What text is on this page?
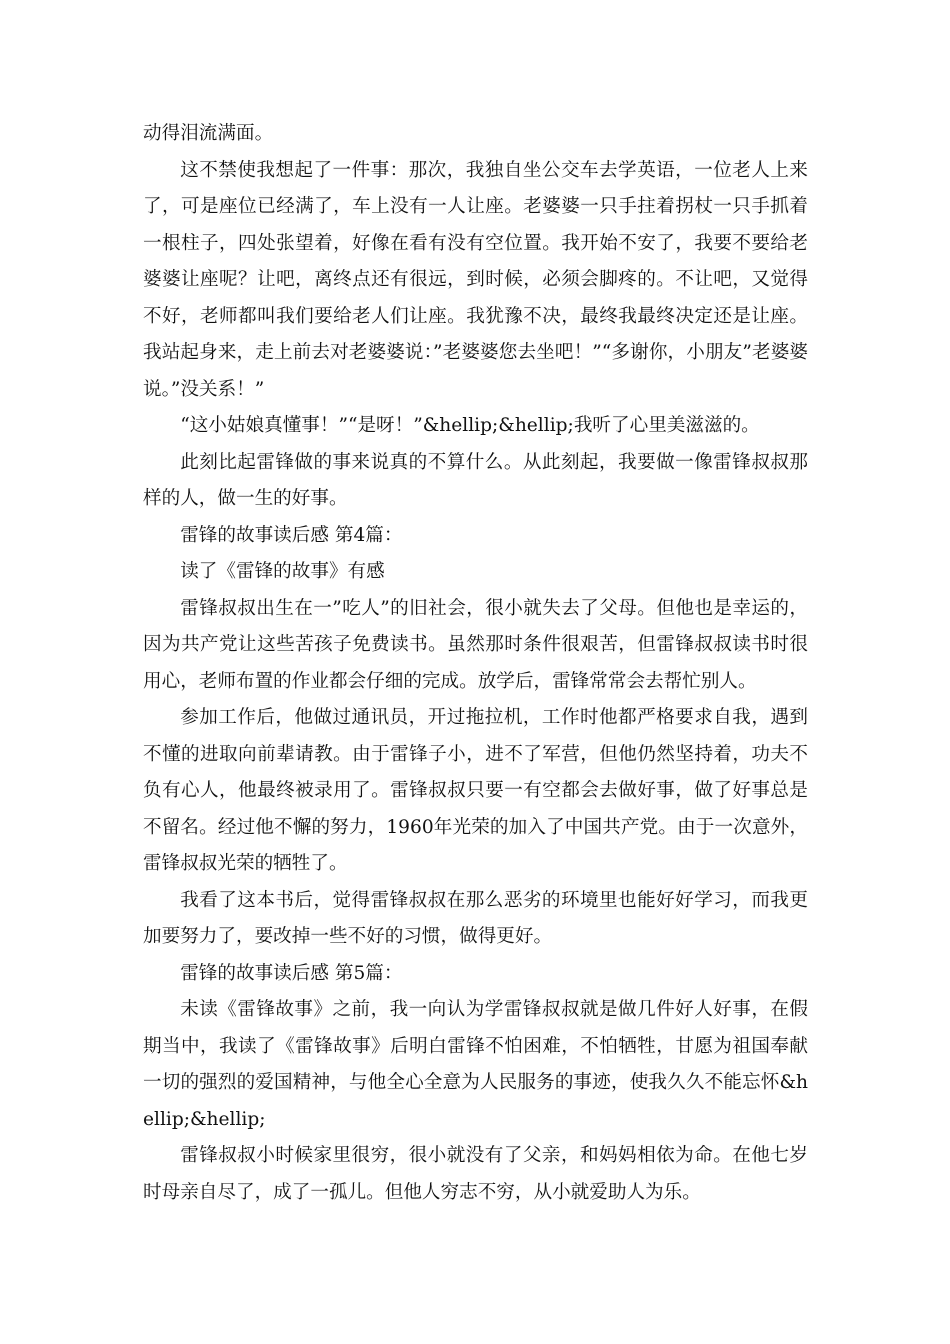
动得泪流满面。

这不禁使我想起了一件事：那次，我独自坐公交车去学英语，一位老人上来了，可是座位已经满了，车上没有一人让座。老婆婆一只手拄着拐杖一只手抓着一根柱子，四处张望着，好像在看有没有空位置。我开始不安了，我要不要给老婆婆让座呢？让吧，离终点还有很远，到时候，必须会脚疼的。不让吧，又觉得不好，老师都叫我们要给老人们让座。我犹豫不决，最终我最终决定还是让座。我站起身来，走上前去对老婆婆说：”老婆婆您去坐吧！”“多谢你，小朋友”老婆婆说。”没关系！”

“这小姑娘真懂事！”“是呀！”&hellip;&hellip;我听了心里美滋滋的。

此刻比起雷锋做的事来说真的不算什么。从此刻起，我要做一像雷锋叔叔那样的人，做一生的好事。

雷锋的故事读后感 第4篇：

读了《雷锋的故事》有感

雷锋叔叔出生在一”吃人”的旧社会，很小就失去了父母。但他也是幸运的，因为共产党让这些苦孩子免费读书。虽然那时条件很艰苦，但雷锋叔叔读书时很用心，老师布置的作业都会仔细的完成。放学后，雷锋常常会去帮忙别人。

参加工作后，他做过通讯员，开过拖拉机，工作时他都严格要求自我，遇到不懂的进取向前辈请教。由于雷锋子小，进不了军营，但他仍然坚持着，功夫不负有心人，他最终被录用了。雷锋叔叔只要一有空都会去做好事，做了好事总是不留名。经过他不懈的努力，1960年光荣的加入了中国共产党。由于一次意外，雷锋叔叔光荣的牺牲了。

我看了这本书后，觉得雷锋叔叔在那么恶劣的环境里也能好好学习，而我更加要努力了，要改掉一些不好的习惯，做得更好。

雷锋的故事读后感 第5篇：

未读《雷锋故事》之前，我一向认为学雷锋叔叔就是做几件好人好事，在假期当中，我读了《雷锋故事》后明白雷锋不怕困难，不怕牺牲，甘愿为祖国奉献一切的强烈的爱国精神，与他全心全意为人民服务的事迹，使我久久不能忘怀&hellip;&hellip;

雷锋叔叔小时候家里很穷，很小就没有了父亲，和妈妈相依为命。在他七岁时母亲自尽了，成了一孤儿。但他人穷志不穷，从小就爱助人为乐。
